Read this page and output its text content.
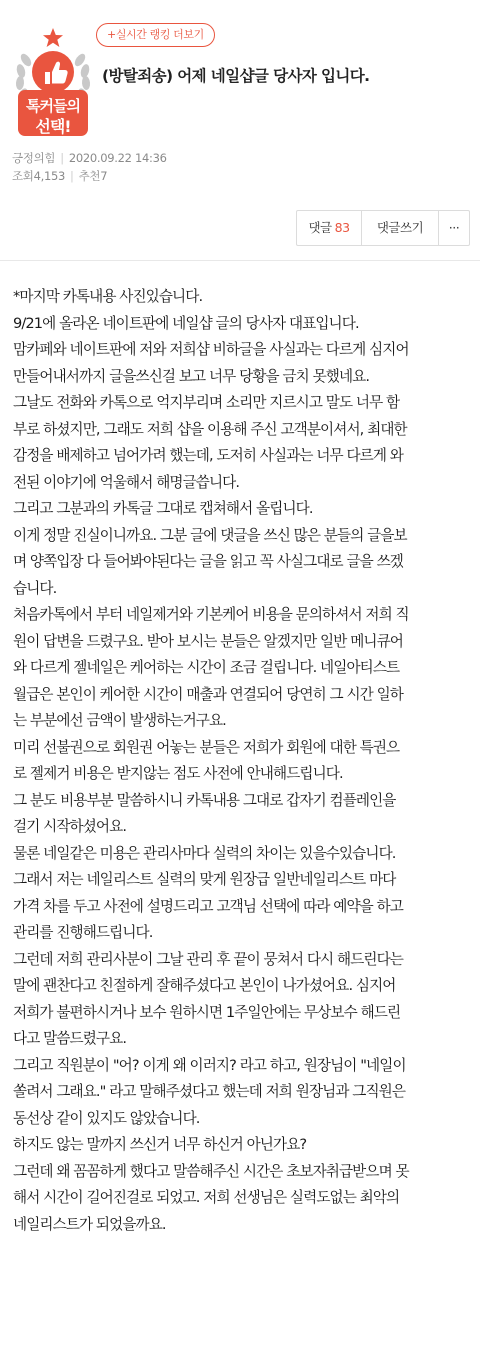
톡커들의
선택!
+실시간 랭킹 더보기
(방탈죄송) 어제 네일샵글 당사자 입니다.
긍정의힘 | 2020.09.22 14:36
조회4,153 | 추천7
댓글 83	댓글쓰기	···
*마지막 카톡내용 사진있습니다.
9/21에 올라온 네이트판에 네일샵 글의 당사자 대표입니다.
맘카페와 네이트판에 저와 저희샵 비하글을 사실과는 다르게 심지어
만들어내서까지 글을쓰신걸 보고 너무 당황을 금치 못했네요.
그날도 전화와 카톡으로 억지부리며 소리만 지르시고 말도 너무 함
부로 하셨지만, 그래도 저희 샵을 이용해 주신 고객분이셔서, 최대한
감정을 배제하고 넘어가려 했는데, 도저히 사실과는 너무 다르게 와
전된 이야기에 억울해서 해명글씁니다.
그리고 그분과의 카톡글 그대로 캡쳐해서 올립니다.
이게 정말 진실이니까요. 그분 글에 댓글을 쓰신 많은 분들의 글을보
며 양쪽입장 다 들어봐야된다는 글을 읽고 꼭 사실그대로 글을 쓰겠
습니다.
처음카톡에서 부터 네일제거와 기본케어 비용을 문의하셔서 저희 직
원이 답변을 드렸구요. 받아 보시는 분들은 알겠지만 일반 메니큐어
와 다르게 젤네일은 케어하는 시간이 조금 걸립니다. 네일아티스트
월급은 본인이 케어한 시간이 매출과 연결되어 당연히 그 시간 일하
는 부분에선 금액이 발생하는거구요.
미리 선불권으로 회원권 어놓는 분들은 저희가 회원에 대한 특권으
로 젤제거 비용은 받지않는 점도 사전에 안내해드립니다.
그 분도 비용부분 말씀하시니 카톡내용 그대로 갑자기 컴플레인을
걸기 시작하셨어요.
물론 네일같은 미용은 관리사마다 실력의 차이는 있을수있습니다.
그래서 저는 네일리스트 실력의 맞게 원장급 일반네일리스트 마다
가격 차를 두고 사전에 설명드리고 고객님 선택에 따라 예약을 하고
관리를 진행해드립니다.
그런데 저희 관리사분이 그날 관리 후 끝이 뭉쳐서 다시 해드린다는
말에 괜찬다고 친절하게 잘해주셨다고 본인이 나가셨어요. 심지어
저희가 불편하시거나 보수 원하시면 1주일안에는 무상보수 해드린
다고 말씀드렸구요.
그리고 직원분이 "어? 이게 왜 이러지? 라고 하고, 원장님이 "네일이
쏠려서 그래요." 라고 말해주셨다고 했는데 저희 원장님과 그직원은
동선상 같이 있지도 않았습니다.
하지도 않는 말까지 쓰신거 너무 하신거 아닌가요?
그런데 왜 꼼꼼하게 했다고 말씀해주신 시간은 초보자취급받으며 못
해서 시간이 길어진걸로 되었고. 저희 선생님은 실력도없는 최악의
네일리스트가 되었을까요.
